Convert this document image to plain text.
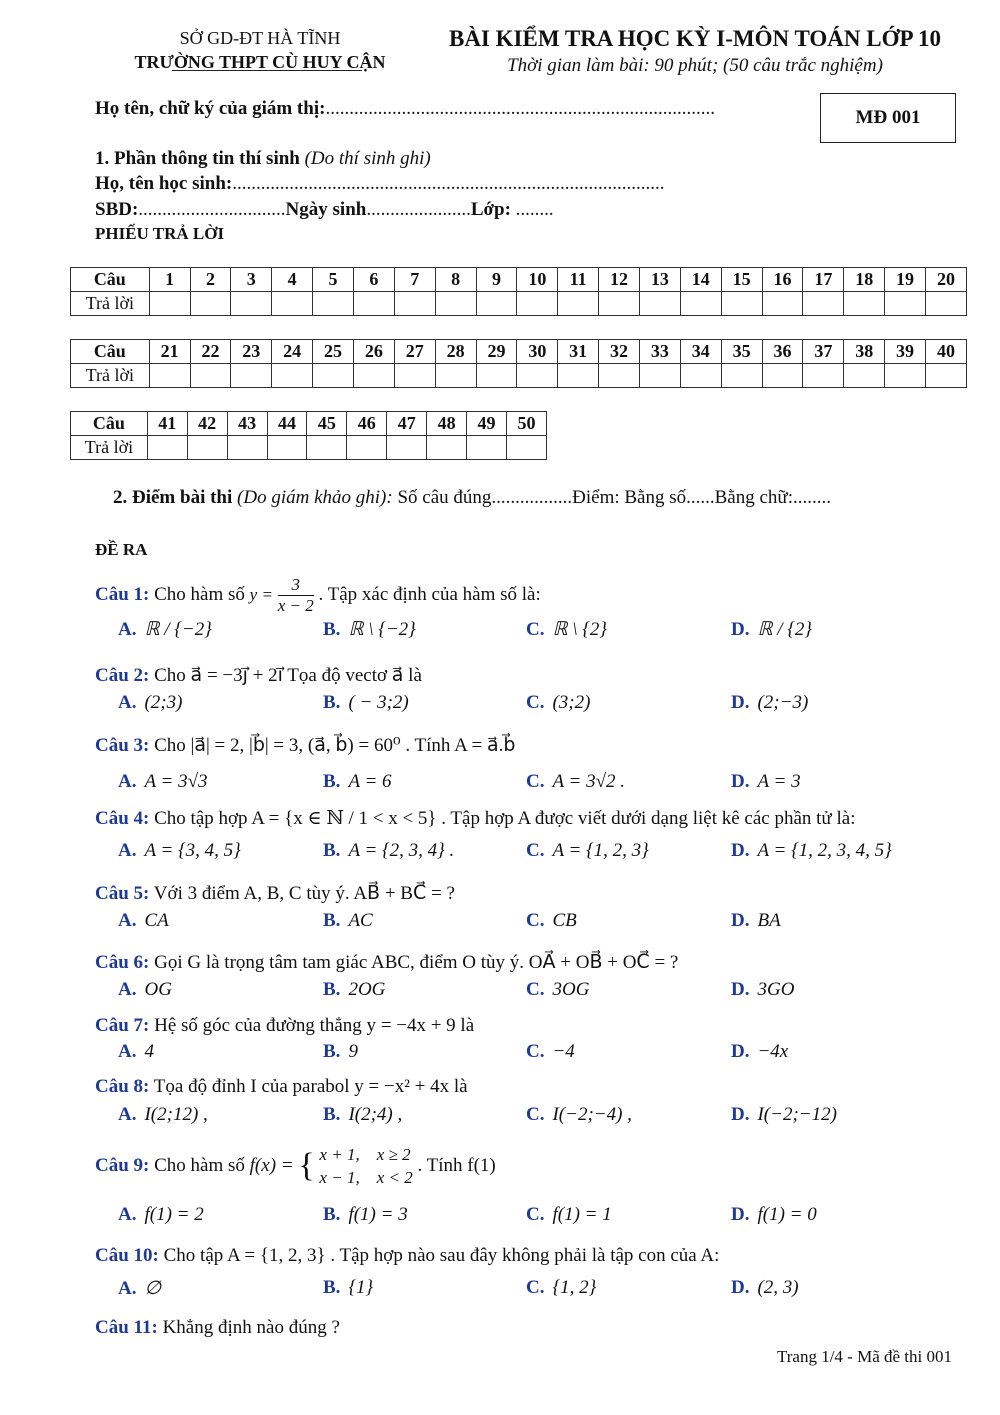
SỞ GD-ĐT HÀ TĨNH
TRƯỜNG THPT CÙ HUY CẬN
BÀI KIỂM TRA HỌC KỲ I-MÔN TOÁN LỚP 10
Thời gian làm bài: 90 phút; (50 câu trắc nghiệm)
MĐ 001
Họ tên, chữ ký của giám thị:..................................................................................
1. Phần thông tin thí sinh (Do thí sinh ghi)
Họ, tên học sinh:...........................................................................................
SBD:...............................Ngày sinh......................Lớp: ........
PHIẾU TRẢ LỜI
Câu	1	2	3	4	5	6	7	8	9	10	11	12	13	14	15	16	17	18	19	20
Trả lời																				
Câu	21	22	23	24	25	26	27	28	29	30	31	32	33	34	35	36	37	38	39	40
Trả lời																				
Câu	41	42	43	44	45	46	47	48	49	50
Trả lời										
2. Điểm bài thi (Do giám khảo ghi): Số câu đúng.................Điểm: Bằng số......Bằng chữ:........
ĐỀ RA
Câu 1: Cho hàm số $y = \frac{3}{x - 2}$ . Tập xác định của hàm số là:
A. ℝ / {−2}	B. ℝ \ {−2}	C. ℝ \ {2}	D. ℝ / {2}
Câu 2: Cho a⃗ = −3j⃗ + 2i⃗ Tọa độ vectơ a⃗ là
A. (2;3)	B. ( − 3;2)	C. (3;2)	D. (2;−3)
Câu 3: Cho |a⃗| = 2, |b⃗| = 3, (a⃗, b⃗) = 60⁰ . Tính A = a⃗.b⃗
A. A = 3√3	B. A = 6	C. A = 3√2 .	D. A = 3
Câu 4: Cho tập hợp A = {x ∈ ℕ / 1 < x < 5} . Tập hợp A được viết dưới dạng liệt kê các phần tử là:
A. A = {3, 4, 5}	B. A = {2, 3, 4} .	C. A = {1, 2, 3}	D. A = {1, 2, 3, 4, 5}
Câu 5: Với 3 điểm A, B, C tùy ý. AB⃗ + BC⃗ = ?
A. CA⃗	B. AC⃗	C. CB⃗	D. BA⃗
Câu 6: Gọi G là trọng tâm tam giác ABC, điểm O tùy ý. OA⃗ + OB⃗ + OC⃗ = ?
A. OG⃗	B. 2OG⃗	C. 3OG⃗	D. 3GO⃗
Câu 7: Hệ số góc của đường thẳng y = −4x + 9 là
A. 4	B. 9	C. −4	D. −4x
Câu 8: Tọa độ đỉnh I của parabol y = −x² + 4x là
A. I(2;12) ,	B. I(2;4) ,	C. I(−2;−4) ,	D. I(−2;−12)
Câu 9: Cho hàm số f(x) = { x + 1,    x ≥ 2
x − 1,    x < 2
. Tính f(1)
A. f(1) = 2	B. f(1) = 3	C. f(1) = 1	D. f(1) = 0
Câu 10: Cho tập A = {1, 2, 3} . Tập hợp nào sau đây không phải là tập con của A:
A. ∅	B. {1}	C. {1, 2}	D. (2, 3)
Câu 11: Khẳng định nào đúng ?
Trang 1/4 - Mã đề thi 001
